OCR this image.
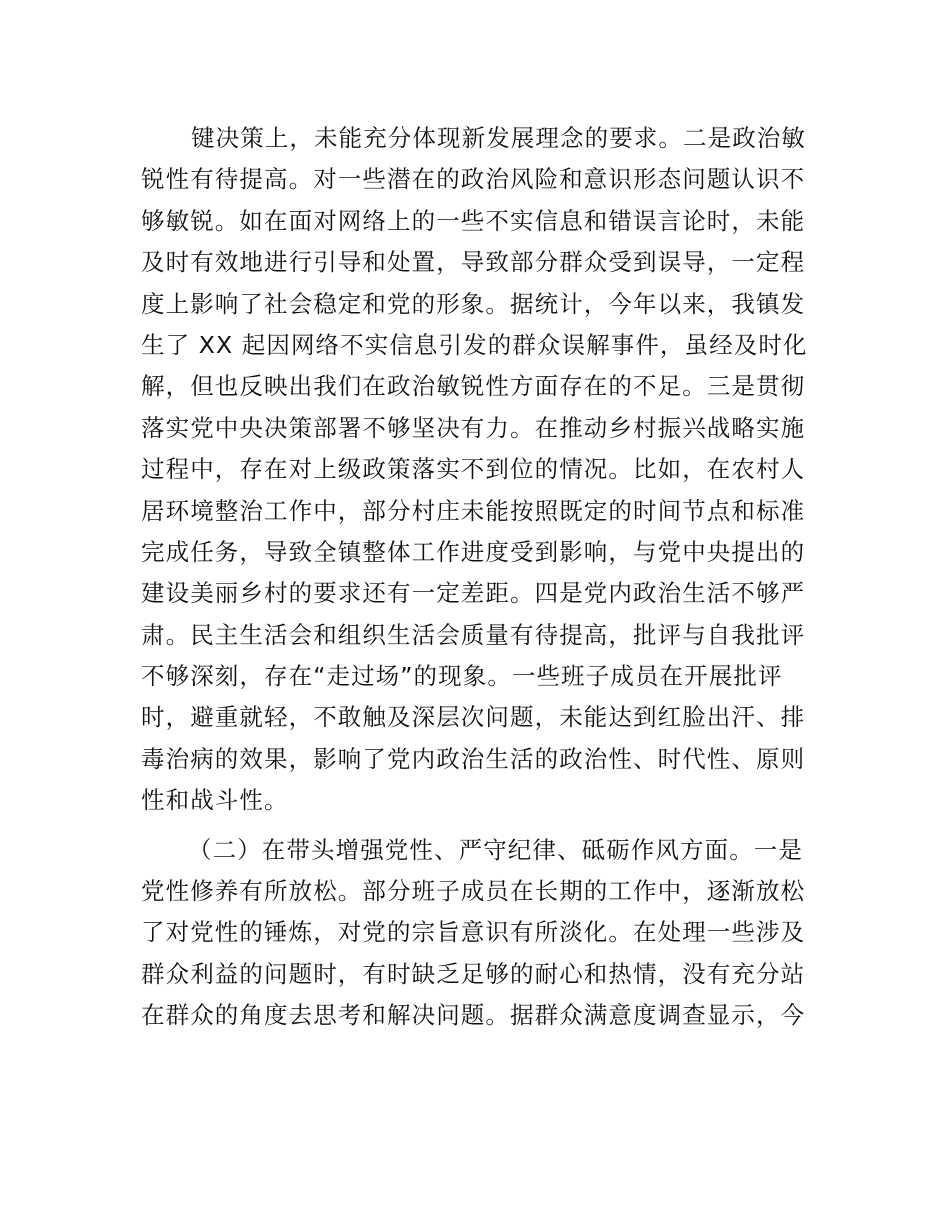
键决策上，未能充分体现新发展理念的要求。二是政治敏
锐性有待提高。对一些潜在的政治风险和意识形态问题认识不
够敏锐。如在面对网络上的一些不实信息和错误言论时，未能
及时有效地进行引导和处置，导致部分群众受到误导，一定程
度上影响了社会稳定和党的形象。据统计，今年以来，我镇发
生了 XX 起因网络不实信息引发的群众误解事件，虽经及时化
解，但也反映出我们在政治敏锐性方面存在的不足。三是贯彻
落实党中央决策部署不够坚决有力。在推动乡村振兴战略实施
过程中，存在对上级政策落实不到位的情况。比如，在农村人
居环境整治工作中，部分村庄未能按照既定的时间节点和标准
完成任务，导致全镇整体工作进度受到影响，与党中央提出的
建设美丽乡村的要求还有一定差距。四是党内政治生活不够严
肃。民主生活会和组织生活会质量有待提高，批评与自我批评
不够深刻，存在“走过场”的现象。一些班子成员在开展批评
时，避重就轻，不敢触及深层次问题，未能达到红脸出汗、排
毒治病的效果，影响了党内政治生活的政治性、时代性、原则
性和战斗性。

（二）在带头增强党性、严守纪律、砥砺作风方面。一是
党性修养有所放松。部分班子成员在长期的工作中，逐渐放松
了对党性的锤炼，对党的宗旨意识有所淡化。在处理一些涉及
群众利益的问题时，有时缺乏足够的耐心和热情，没有充分站
在群众的角度去思考和解决问题。据群众满意度调查显示，今
